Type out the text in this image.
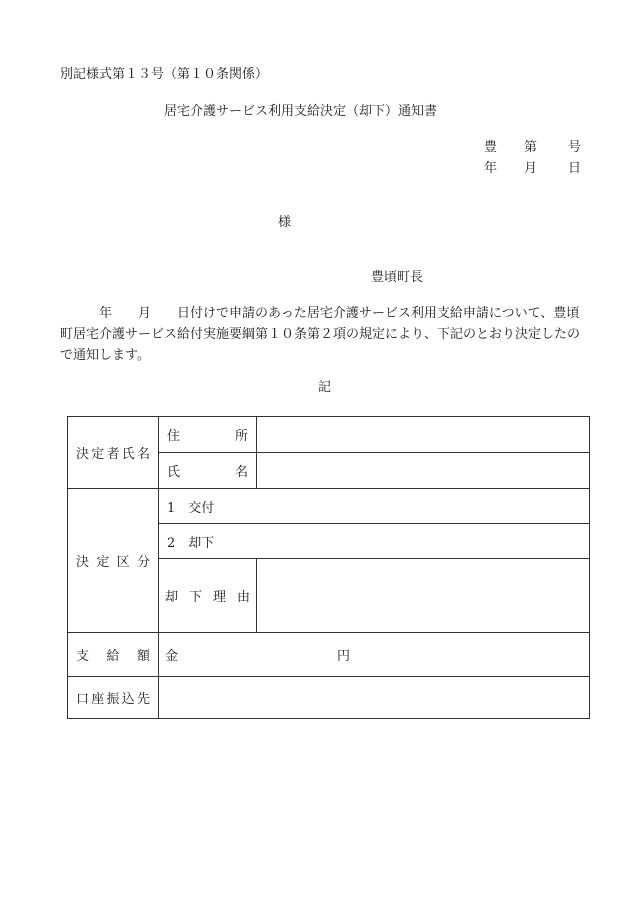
別記様式第１３号（第１０条関係）
居宅介護サービス利用支給決定（却下）通知書
豊	第	号
年	月	日
様
豊頃町長
　　　年　　月　　日付けで申請のあった居宅介護サービス利用支給申請について、豊頃町居宅介護サービス給付実施要綱第１０条第２項の規定により、下記のとおり決定したので通知します。
記
決定者氏名	住　所	
	氏　名	
決定区分	1　交付	
	2　却下	
	却下理由	
支給額	金 円	
口座振込先		
